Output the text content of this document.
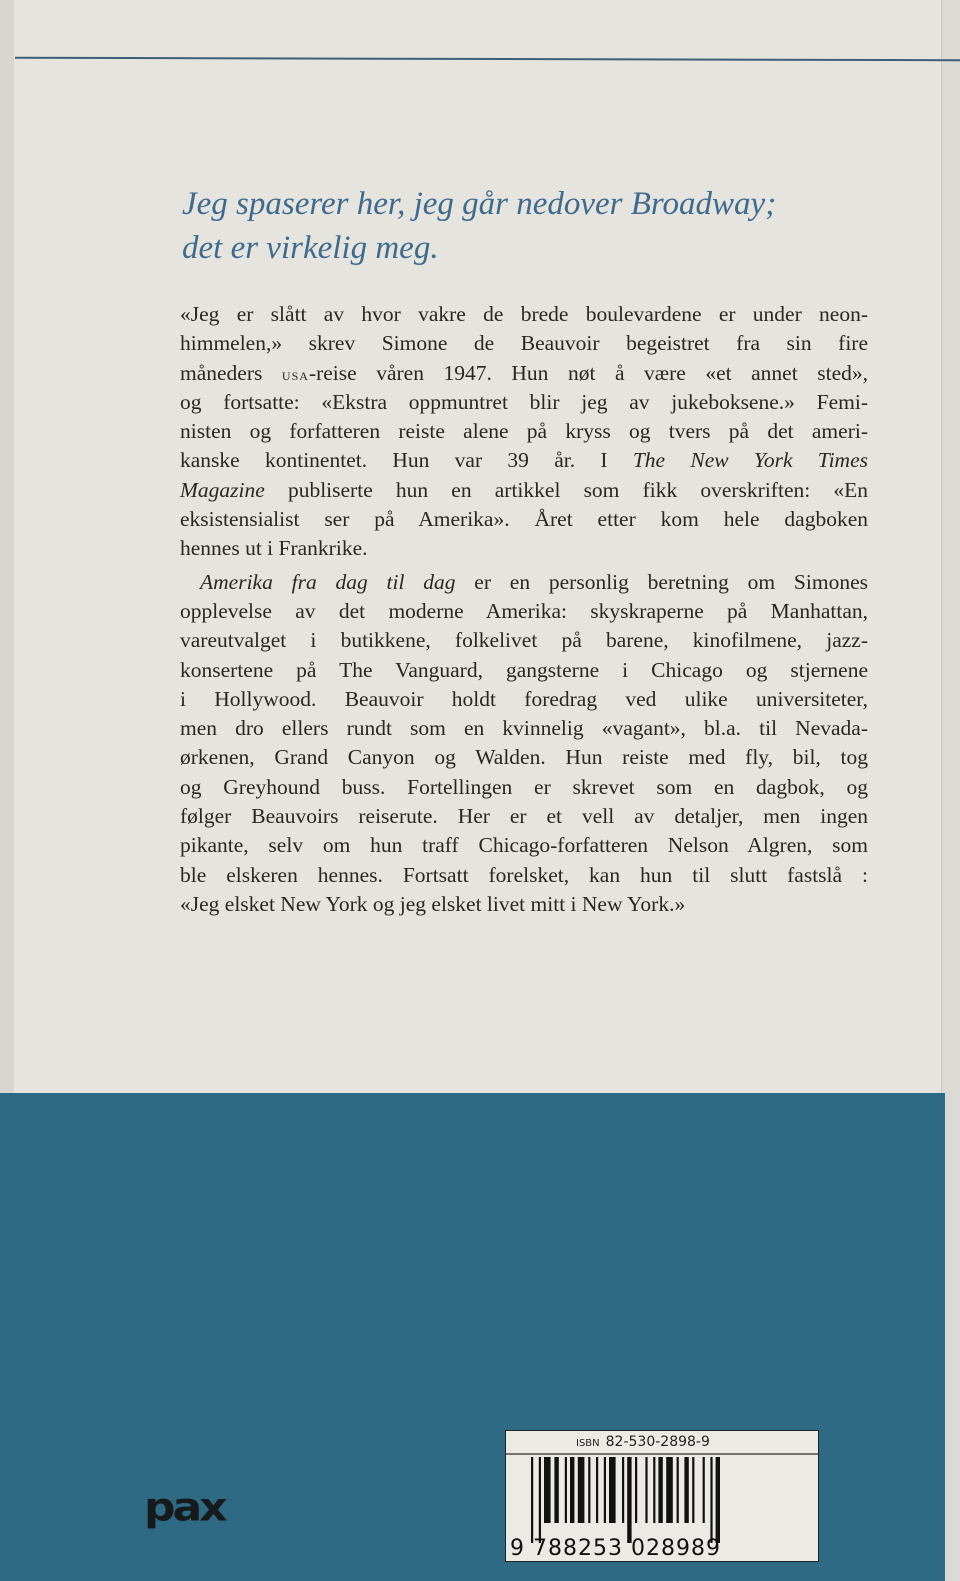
Jeg spaserer her, jeg går nedover Broadway;
det er virkelig meg.
«Jeg er slått av hvor vakre de brede boulevardene er under neon-
himmelen,» skrev Simone de Beauvoir begeistret fra sin fire
måneders usa-reise våren 1947. Hun nøt å være «et annet sted»,
og fortsatte: «Ekstra oppmuntret blir jeg av jukeboksene.» Femi-
nisten og forfatteren reiste alene på kryss og tvers på det ameri-
kanske kontinentet. Hun var 39 år. I The New York Times
Magazine publiserte hun en artikkel som fikk overskriften: «En
eksistensialist ser på Amerika». Året etter kom hele dagboken
hennes ut i Frankrike.
Amerika fra dag til dag er en personlig beretning om Simones
opplevelse av det moderne Amerika: skyskraperne på Manhattan,
vareutvalget i butikkene, folkelivet på barene, kinofilmene, jazz-
konsertene på The Vanguard, gangsterne i Chicago og stjernene
i Hollywood. Beauvoir holdt foredrag ved ulike universiteter,
men dro ellers rundt som en kvinnelig «vagant», bl.a. til Nevada-
ørkenen, Grand Canyon og Walden. Hun reiste med fly, bil, tog
og Greyhound buss. Fortellingen er skrevet som en dagbok, og
følger Beauvoirs reiserute. Her er et vell av detaljer, men ingen
pikante, selv om hun traff Chicago-forfatteren Nelson Algren, som
ble elskeren hennes. Fortsatt forelsket, kan hun til slutt fastslå :
«Jeg elsket New York og jeg elsket livet mitt i New York.»
pax
ISBN 82-530-2898-9
9 788253 028989
